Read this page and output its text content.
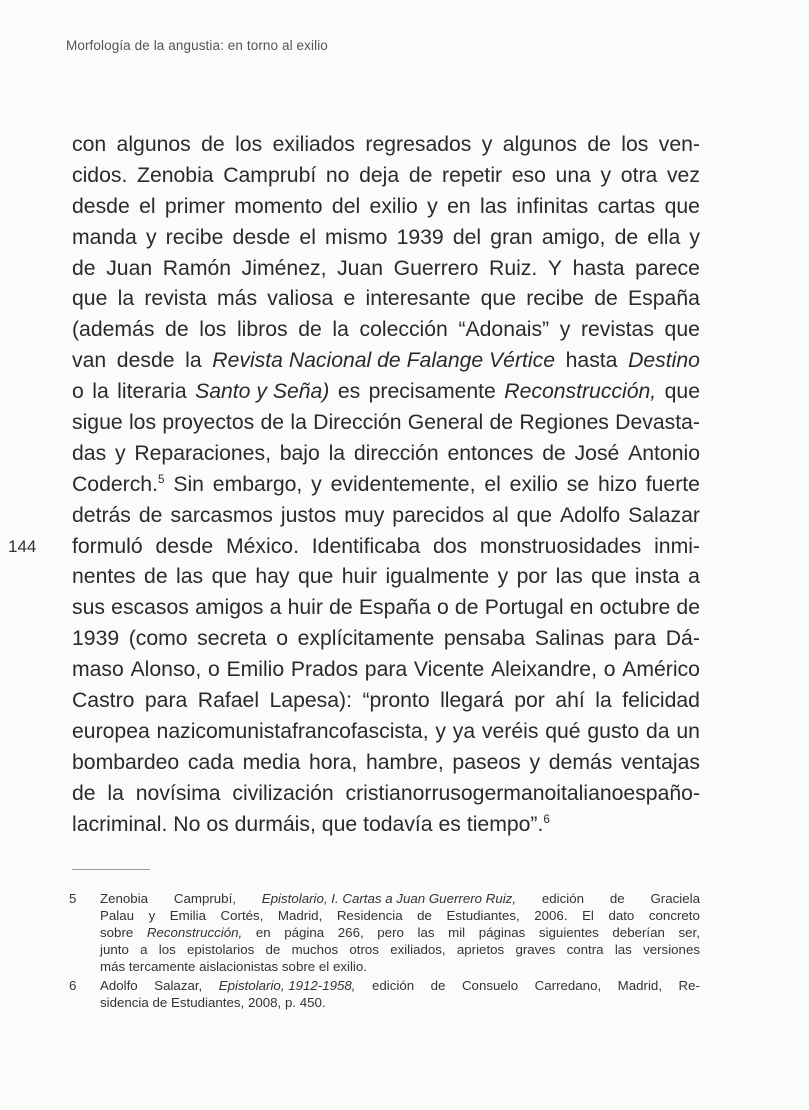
Morfología de la angustia: en torno al exilio
con algunos de los exiliados regresados y algunos de los ven-
cidos. Zenobia Camprubí no deja de repetir eso una y otra vez
desde el primer momento del exilio y en las infinitas cartas que
manda y recibe desde el mismo 1939 del gran amigo, de ella y
de Juan Ramón Jiménez, Juan Guerrero Ruiz. Y hasta parece
que la revista más valiosa e interesante que recibe de España
(además de los libros de la colección “Adonais” y revistas que
van desde la Revista Nacional de Falange Vértice hasta Destino
o la literaria Santo y Seña) es precisamente Reconstrucción, que
sigue los proyectos de la Dirección General de Regiones Devasta-
das y Reparaciones, bajo la dirección entonces de José Antonio
Coderch.$^5$ Sin embargo, y evidentemente, el exilio se hizo fuerte
detrás de sarcasmos justos muy parecidos al que Adolfo Salazar
formuló desde México. Identificaba dos monstruosidades inmi-
nentes de las que hay que huir igualmente y por las que insta a
sus escasos amigos a huir de España o de Portugal en octubre de
1939 (como secreta o explícitamente pensaba Salinas para Dá-
maso Alonso, o Emilio Prados para Vicente Aleixandre, o Américo
Castro para Rafael Lapesa): “pronto llegará por ahí la felicidad
europea nazicomunistafrancofascista, y ya veréis qué gusto da un
bombardeo cada media hora, hambre, paseos y demás ventajas
de la novísima civilización cristianorrusogermanoitalianoespaño-
lacriminal. No os durmáis, que todavía es tiempo”.$^6$
144
5 Zenobia Camprubí, Epistolario, I. Cartas a Juan Guerrero Ruiz, edición de Graciela
Palau y Emilia Cortés, Madrid, Residencia de Estudiantes, 2006. El dato concreto
sobre Reconstrucción, en página 266, pero las mil páginas siguientes deberían ser,
junto a los epistolarios de muchos otros exiliados, aprietos graves contra las versiones
más tercamente aislacionistas sobre el exilio.
6 Adolfo Salazar, Epistolario, 1912-1958, edición de Consuelo Carredano, Madrid, Re-
sidencia de Estudiantes, 2008, p. 450.
